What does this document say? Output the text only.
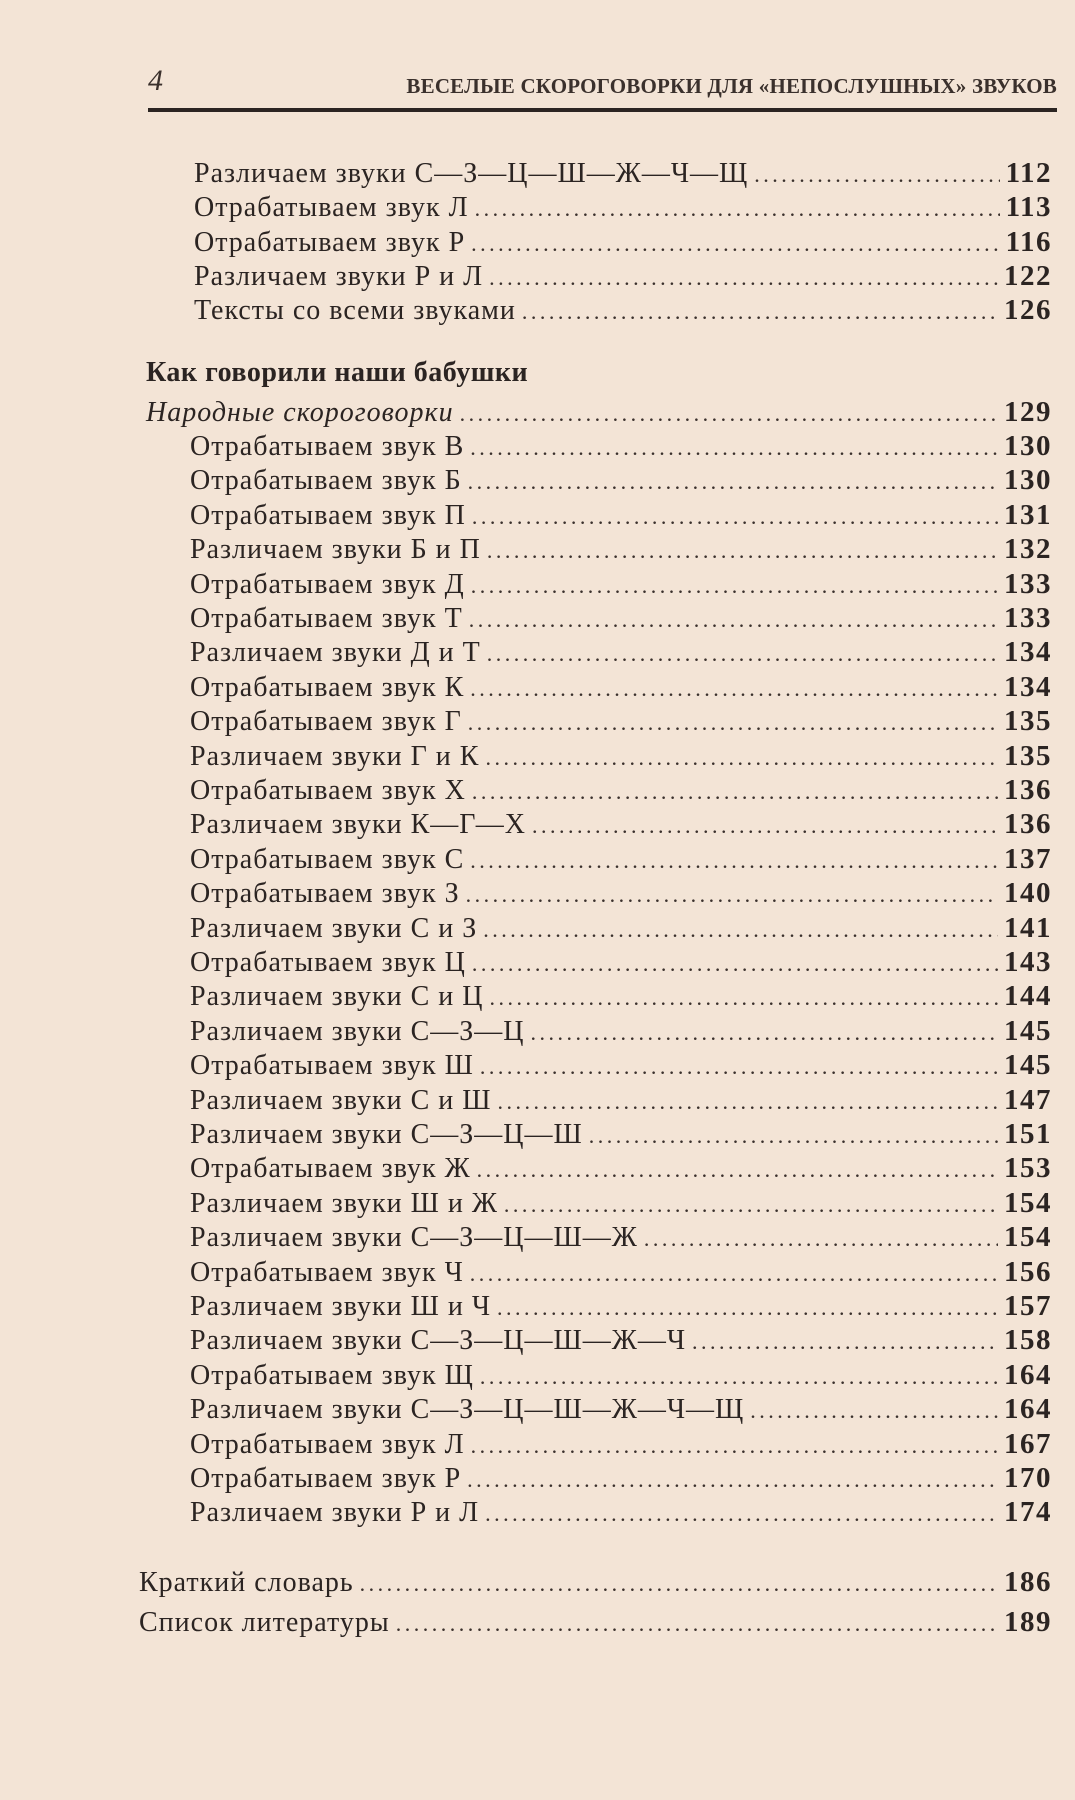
4	ВЕСЕЛЫЕ СКОРОГОВОРКИ ДЛЯ «НЕПОСЛУШНЫХ» ЗВУКОВ
Как говорили наши бабушки
Различаем звуки С—З—Ц—Ш—Ж—Ч—Щ . . .	112
Отрабатываем звук Л . . .	113
Отрабатываем звук Р . . .	116
Различаем звуки Р и Л . . .	122
Тексты со всеми звуками . . .	126
Народные скороговорки . . .	129
Отрабатываем звук В . . .	130
Отрабатываем звук Б . . .	130
Отрабатываем звук П . . .	131
Различаем звуки Б и П . . .	132
Отрабатываем звук Д . . .	133
Отрабатываем звук Т . . .	133
Различаем звуки Д и Т . . .	134
Отрабатываем звук К . . .	134
Отрабатываем звук Г . . .	135
Различаем звуки Г и К . . .	135
Отрабатываем звук Х . . .	136
Различаем звуки К—Г—Х . . .	136
Отрабатываем звук С . . .	137
Отрабатываем звук З . . .	140
Различаем звуки С и З . . .	141
Отрабатываем звук Ц . . .	143
Различаем звуки С и Ц . . .	144
Различаем звуки С—З—Ц . . .	145
Отрабатываем звук Ш . . .	145
Различаем звуки С и Ш . . .	147
Различаем звуки С—З—Ц—Ш . . .	151
Отрабатываем звук Ж . . .	153
Различаем звуки Ш и Ж . . .	154
Различаем звуки С—З—Ц—Ш—Ж . . .	154
Отрабатываем звук Ч . . .	156
Различаем звуки Ш и Ч . . .	157
Различаем звуки С—З—Ц—Ш—Ж—Ч . . .	158
Отрабатываем звук Щ . . .	164
Различаем звуки С—З—Ц—Ш—Ж—Ч—Щ . . .	164
Отрабатываем звук Л . . .	167
Отрабатываем звук Р . . .	170
Различаем звуки Р и Л . . .	174
Краткий словарь . . .	186
Список литературы . . .	189
